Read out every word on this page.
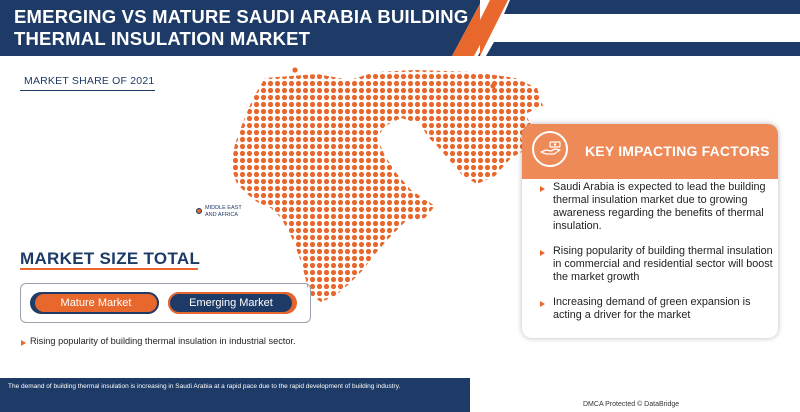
EMERGING VS MATURE SAUDI ARABIA BUILDING THERMAL INSULATION MARKET
MARKET SHARE OF 2021
MIDDLE EAST AND AFRICA
MARKET SIZE TOTAL
Mature Market	Emerging Market
Rising popularity of building thermal insulation in industrial sector.
The demand of building thermal insulation is increasing in Saudi Arabia at a rapid pace due to the rapid development of building industry.
DMCA Protected © DataBridge
KEY IMPACTING FACTORS
Saudi Arabia is expected to lead the building thermal insulation market due to growing awareness regarding the benefits of thermal insulation.
Rising popularity of building thermal insulation in commercial and residential sector will boost the market growth
Increasing demand of green expansion is acting a driver for the market
